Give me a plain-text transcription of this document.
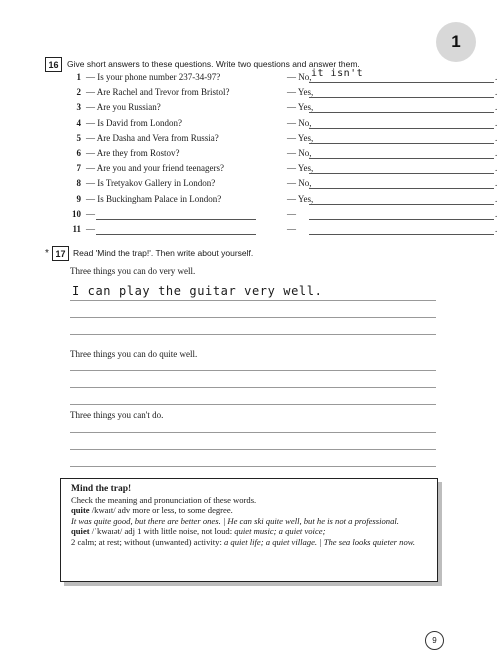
1
16	Give short answers to these questions. Write two questions and answer them.
1 — Is your phone number 237-34-97?	— No, it isn't	.
2 — Are Rachel and Trevor from Bristol?	— Yes,	.
3 — Are you Russian?	— Yes,	.
4 — Is David from London?	— No,	.
5 — Are Dasha and Vera from Russia?	— Yes,	.
6 — Are they from Rostov?	— No,	.
7 — Are you and your friend teenagers?	— Yes,	.
8 — Is Tretyakov Gallery in London?	— No,	.
9 — Is Buckingham Palace in London?	— Yes,	.
10 —	—	.
11 —	—	.
* 17 Read 'Mind the trap!'. Then write about yourself.
Three things you can do very well.
I can play the guitar very well.
Three things you can do quite well.
Three things you can't do.
Mind the trap!
Check the meaning and pronunciation of these words.
quite /kwaɪt/ adv more or less, to some degree.
It was quite good, but there are better ones. | He can ski quite well, but he is not a professional.
quiet /ˈkwaɪət/ adj 1 with little noise, not loud: quiet music; a quiet voice;
2 calm; at rest; without (unwanted) activity: a quiet life; a quiet village. | The sea looks quieter now.
9
